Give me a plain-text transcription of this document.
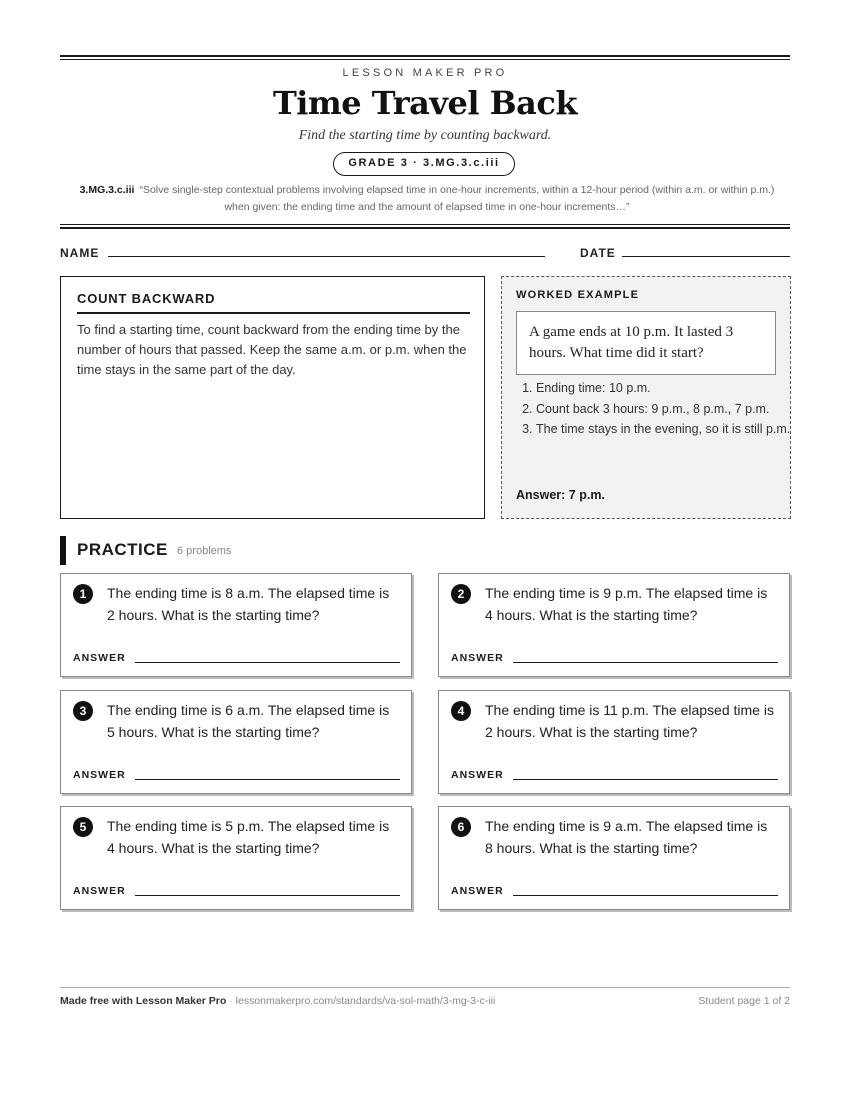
LESSON MAKER PRO
Time Travel Back
Find the starting time by counting backward.
GRADE 3 · 3.MG.3.c.iii
3.MG.3.c.iii “Solve single-step contextual problems involving elapsed time in one-hour increments, within a 12-hour period (within a.m. or within p.m.) when given: the ending time and the amount of elapsed time in one-hour increments…”
NAME	DATE
COUNT BACKWARD
To find a starting time, count backward from the ending time by the number of hours that passed. Keep the same a.m. or p.m. when the time stays in the same part of the day.
WORKED EXAMPLE
A game ends at 10 p.m. It lasted 3 hours. What time did it start?
1. Ending time: 10 p.m.
2. Count back 3 hours: 9 p.m., 8 p.m., 7 p.m.
3. The time stays in the evening, so it is still p.m.
Answer: 7 p.m.
PRACTICE 6 problems
1	The ending time is 8 a.m. The elapsed time is 2 hours. What is the starting time?
ANSWER
2	The ending time is 9 p.m. The elapsed time is 4 hours. What is the starting time?
ANSWER
3	The ending time is 6 a.m. The elapsed time is 5 hours. What is the starting time?
ANSWER
4	The ending time is 11 p.m. The elapsed time is 2 hours. What is the starting time?
ANSWER
5	The ending time is 5 p.m. The elapsed time is 4 hours. What is the starting time?
ANSWER
6	The ending time is 9 a.m. The elapsed time is 8 hours. What is the starting time?
ANSWER
Made free with Lesson Maker Pro · lessonmakerpro.com/standards/va-sol-math/3-mg-3-c-iii	Student page 1 of 2
